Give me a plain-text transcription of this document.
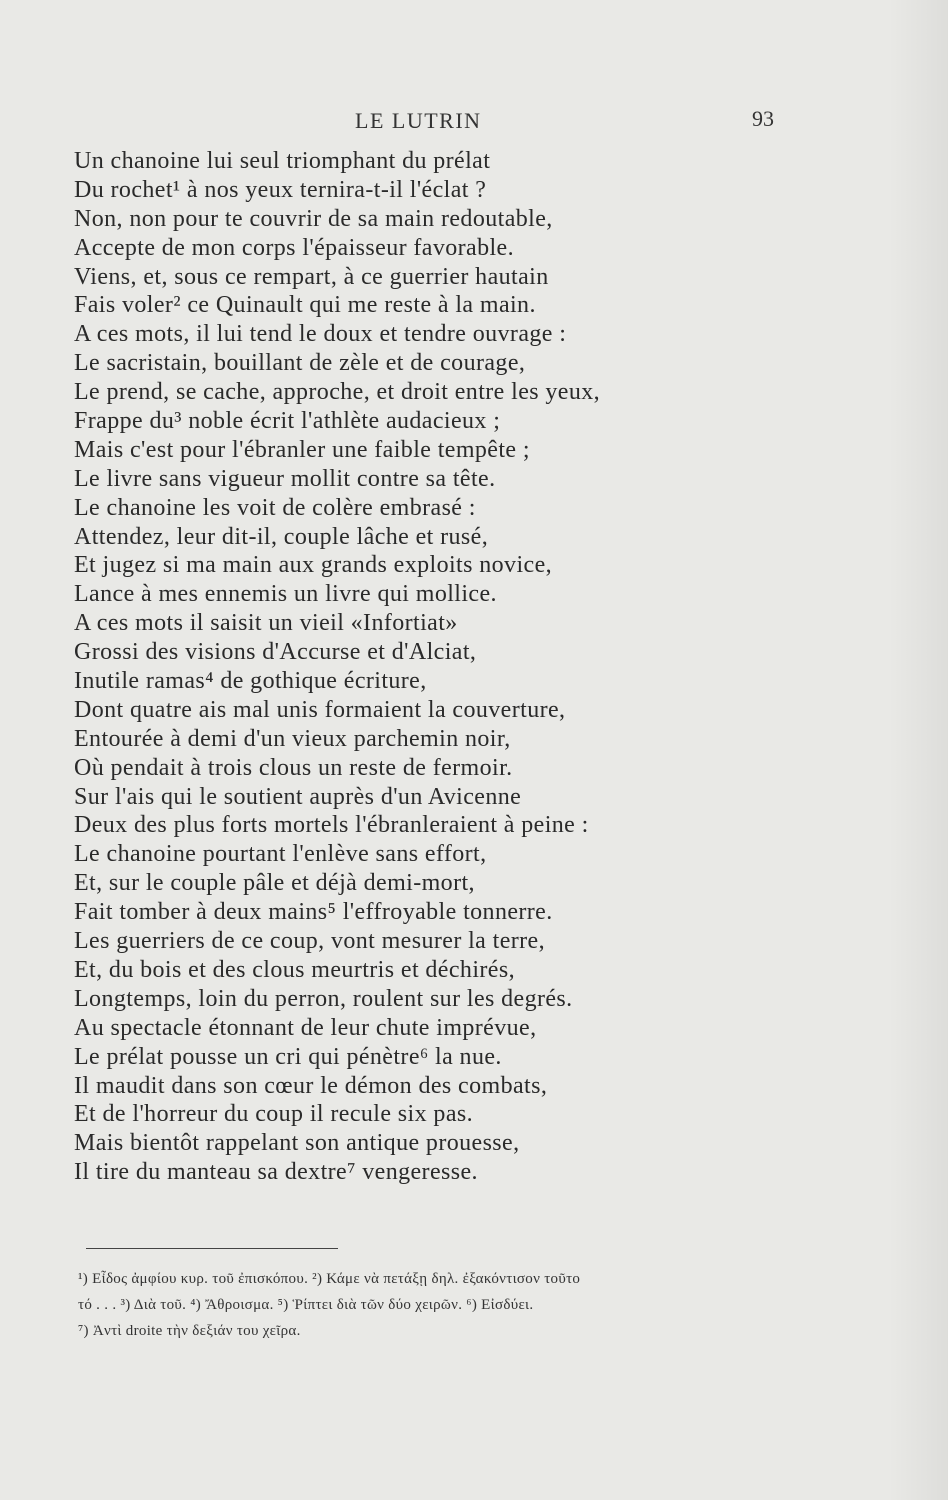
LE LUTRIN	93
Un chanoine lui seul triomphant du prélat
Du rochet¹ à nos yeux ternira-t-il l'éclat ?
Non, non pour te couvrir de sa main redoutable,
Accepte de mon corps l'épaisseur favorable.
Viens, et, sous ce rempart, à ce guerrier hautain
Fais voler² ce Quinault qui me reste à la main.
A ces mots, il lui tend le doux et tendre ouvrage :
Le sacristain, bouillant de zèle et de courage,
Le prend, se cache, approche, et droit entre les yeux,
Frappe du³ noble écrit l'athlète audacieux ;
Mais c'est pour l'ébranler une faible tempête ;
Le livre sans vigueur mollit contre sa tête.
Le chanoine les voit de colère embrasé :
Attendez, leur dit-il, couple lâche et rusé,
Et jugez si ma main aux grands exploits novice,
Lance à mes ennemis un livre qui mollice.
A ces mots il saisit un vieil «Infortiat»
Grossi des visions d'Accurse et d'Alciat,
Inutile ramas⁴ de gothique écriture,
Dont quatre ais mal unis formaient la couverture,
Entourée à demi d'un vieux parchemin noir,
Où pendait à trois clous un reste de fermoir.
Sur l'ais qui le soutient auprès d'un Avicenne
Deux des plus forts mortels l'ébranleraient à peine :
Le chanoine pourtant l'enlève sans effort,
Et, sur le couple pâle et déjà demi-mort,
Fait tomber à deux mains⁵ l'effroyable tonnerre.
Les guerriers de ce coup, vont mesurer la terre,
Et, du bois et des clous meurtris et déchirés,
Longtemps, loin du perron, roulent sur les degrés.
Au spectacle étonnant de leur chute imprévue,
Le prélat pousse un cri qui pénètre⁶ la nue.
Il maudit dans son cœur le démon des combats,
Et de l'horreur du coup il recule six pas.
Mais bientôt rappelant son antique prouesse,
Il tire du manteau sa dextre⁷ vengeresse.
¹) Εἶδος ἀμφίου κυρ. τοῦ ἐπισκόπου. ²) Κάμε νὰ πετάξῃ δηλ. ἐξακόντισον τοῦτο
τό . . . ³) Διὰ τοῦ. ⁴) Ἄθροισμα. ⁵) Ῥίπτει διὰ τῶν δύο χειρῶν. ⁶) Εἰσδύει.
⁷) Ἀντὶ droite τὴν δεξιάν του χεῖρα.
